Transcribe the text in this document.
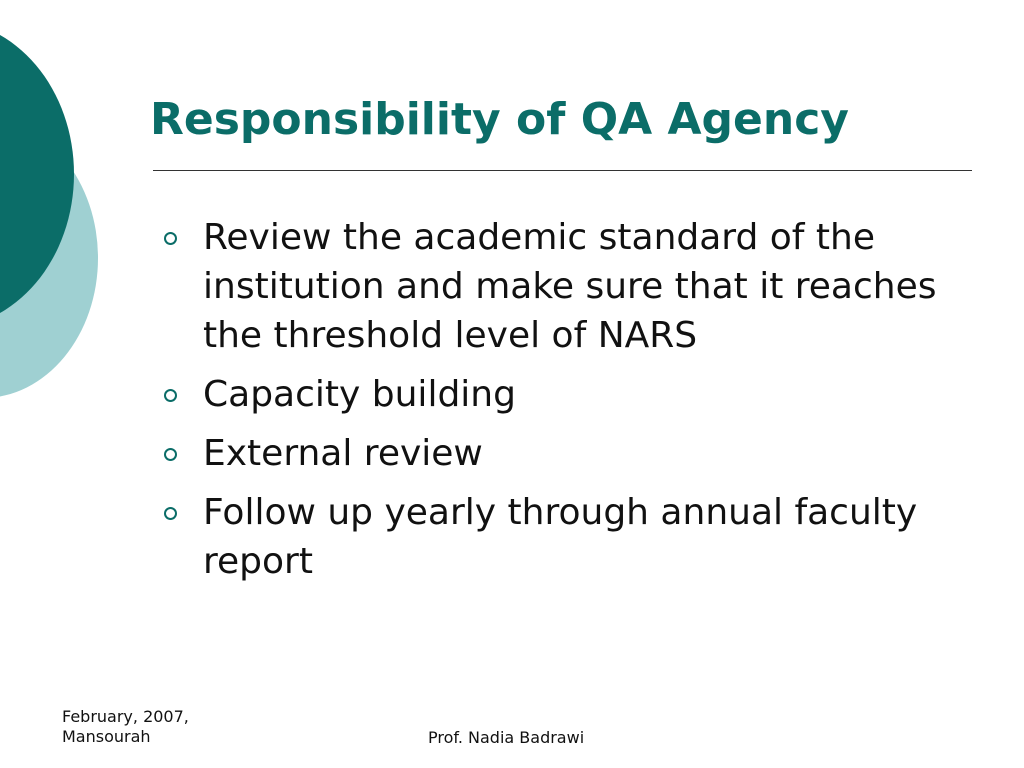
Responsibility of QA Agency
Review the academic standard of the institution and make sure that it reaches the threshold level of NARS
Capacity building
External review
Follow up yearly through annual faculty report
February, 2007,
Mansourah	Prof. Nadia Badrawi
